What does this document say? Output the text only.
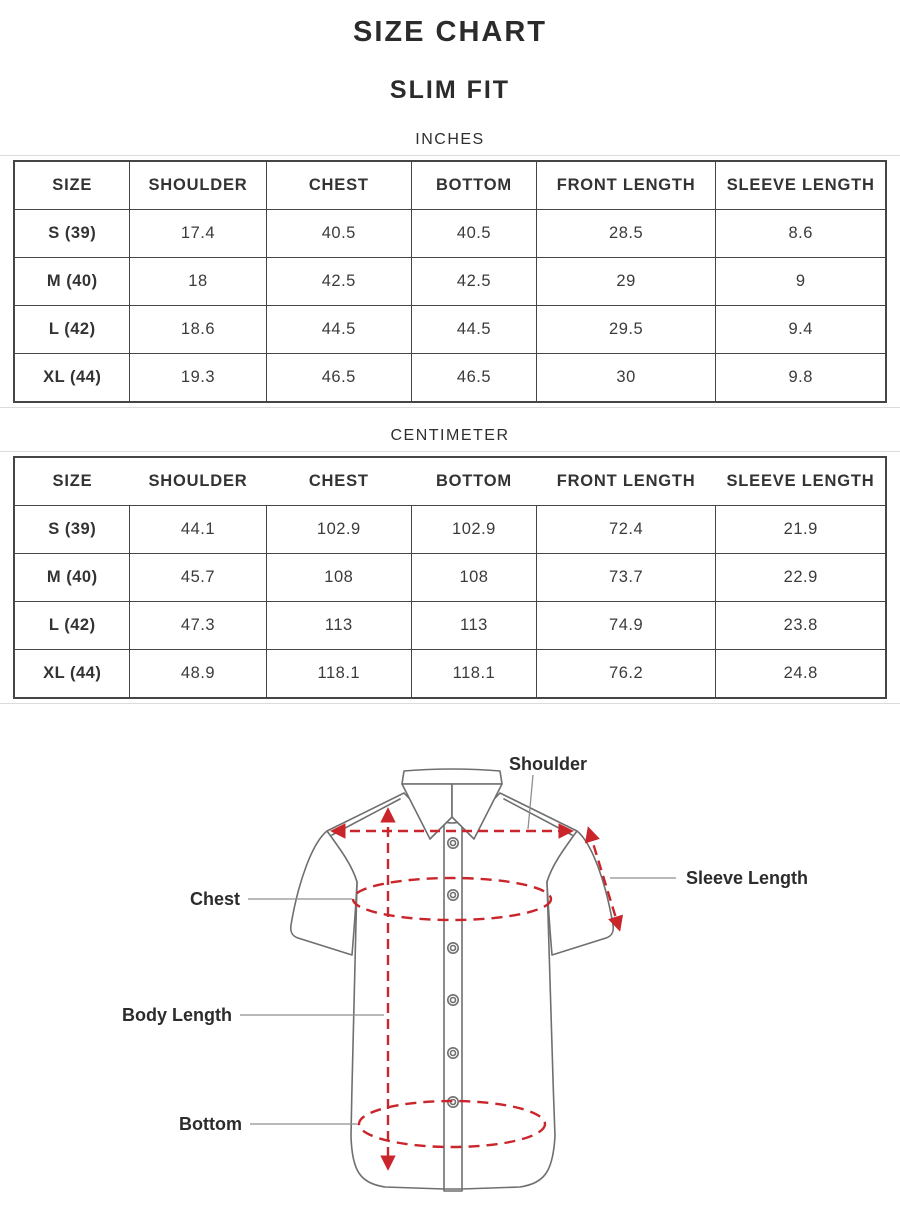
SIZE CHART
SLIM FIT
INCHES
SIZE	SHOULDER	CHEST	BOTTOM	FRONT LENGTH	SLEEVE LENGTH
S (39)	17.4	40.5	40.5	28.5	8.6
M (40)	18	42.5	42.5	29	9
L (42)	18.6	44.5	44.5	29.5	9.4
XL (44)	19.3	46.5	46.5	30	9.8
CENTIMETER
SIZE	SHOULDER	CHEST	BOTTOM	FRONT LENGTH	SLEEVE LENGTH
S (39)	44.1	102.9	102.9	72.4	21.9
M (40)	45.7	108	108	73.7	22.9
L (42)	47.3	113	113	74.9	23.8
XL (44)	48.9	118.1	118.1	76.2	24.8
Shoulder
Sleeve Length
Chest
Body Length
Bottom
